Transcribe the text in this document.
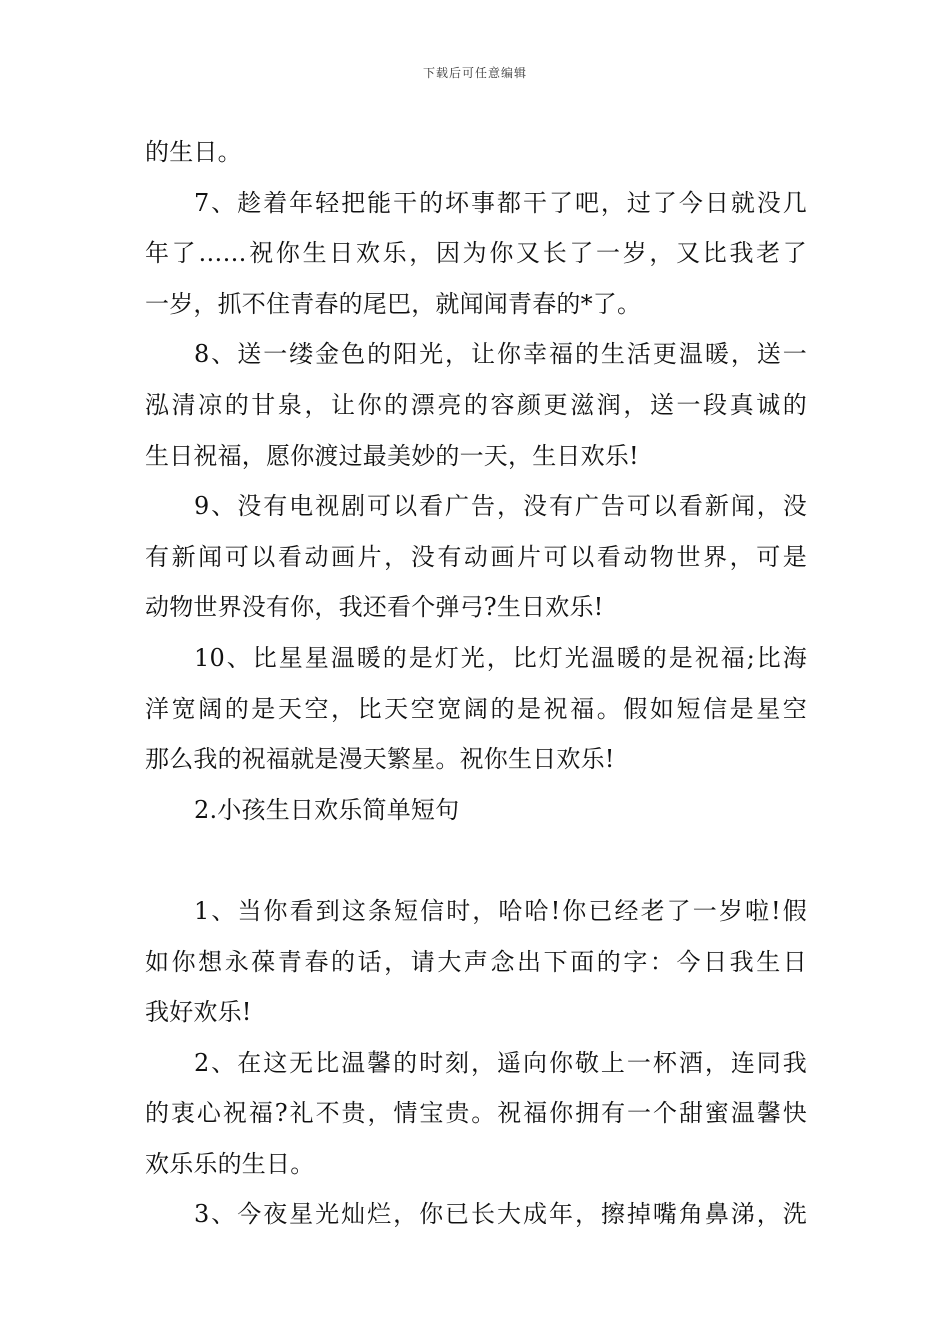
下载后可任意编辑
的生日。
7、趁着年轻把能干的坏事都干了吧，过了今日就没几
年了……祝你生日欢乐，因为你又长了一岁，又比我老了
一岁，抓不住青春的尾巴，就闻闻青春的*了。
8、送一缕金色的阳光，让你幸福的生活更温暖，送一
泓清凉的甘泉，让你的漂亮的容颜更滋润，送一段真诚的
生日祝福，愿你渡过最美妙的一天，生日欢乐!
9、没有电视剧可以看广告，没有广告可以看新闻，没
有新闻可以看动画片，没有动画片可以看动物世界，可是
动物世界没有你，我还看个弹弓?生日欢乐!
10、比星星温暖的是灯光，比灯光温暖的是祝福;比海
洋宽阔的是天空，比天空宽阔的是祝福。假如短信是星空
那么我的祝福就是漫天繁星。祝你生日欢乐!
2.小孩生日欢乐简单短句
1、当你看到这条短信时，哈哈!你已经老了一岁啦!假
如你想永葆青春的话，请大声念出下面的字：今日我生日
我好欢乐!
2、在这无比温馨的时刻，遥向你敬上一杯酒，连同我
的衷心祝福?礼不贵，情宝贵。祝福你拥有一个甜蜜温馨快
欢乐乐的生日。
3、今夜星光灿烂，你已长大成年，擦掉嘴角鼻涕，洗
